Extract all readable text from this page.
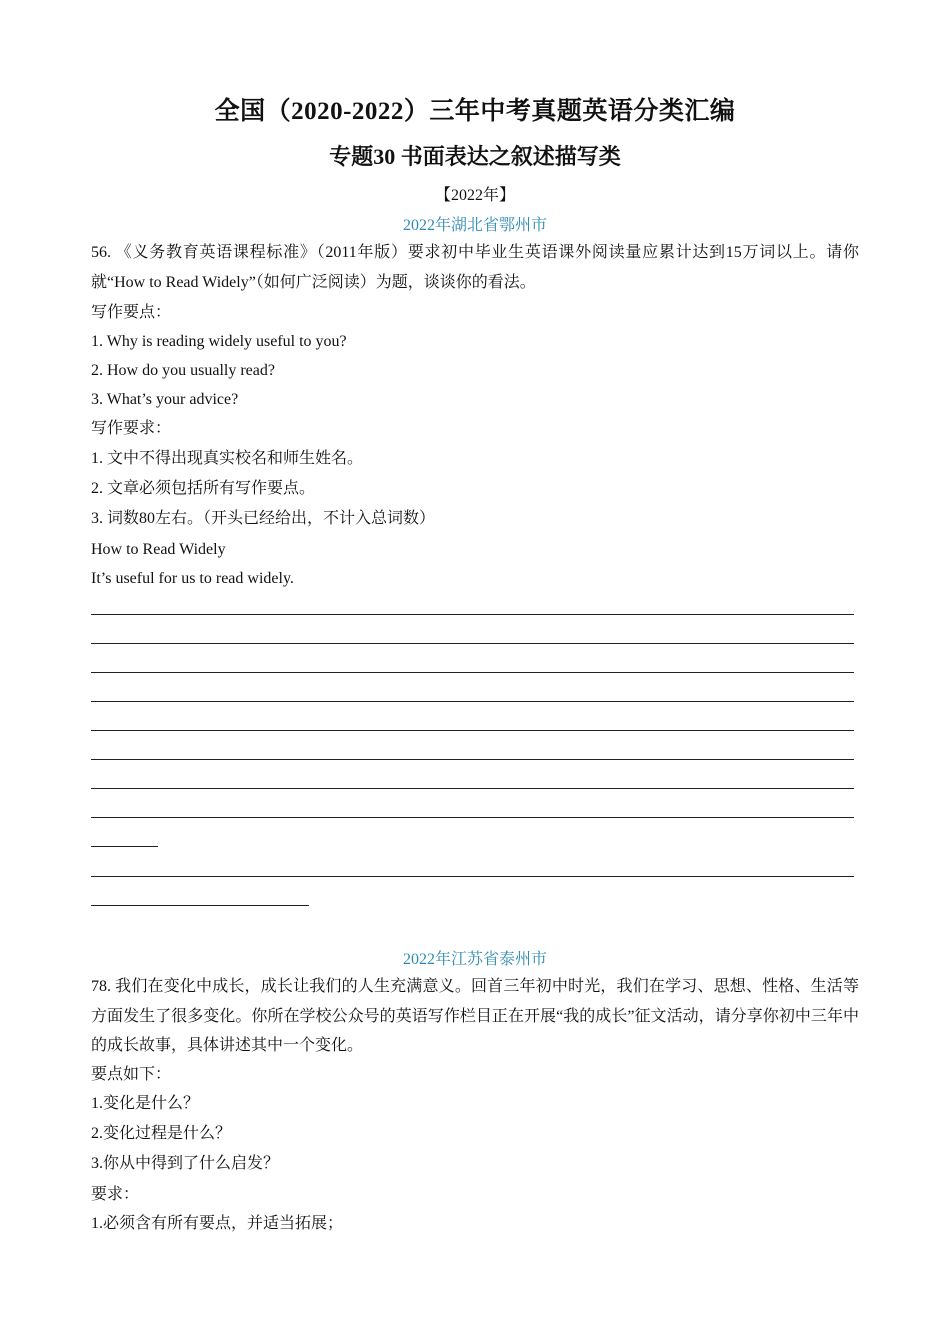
全国（2020-2022）三年中考真题英语分类汇编
专题30 书面表达之叙述描写类
【2022年】
2022年湖北省鄂州市
56. 《义务教育英语课程标准》（2011年版）要求初中毕业生英语课外阅读量应累计达到15万词以上。请你就“How to Read Widely”（如何广泛阅读）为题，谈谈你的看法。
写作要点：
1. Why is reading widely useful to you?
2. How do you usually read?
3. What’s your advice?
写作要求：
1. 文中不得出现真实校名和师生姓名。
2. 文章必须包括所有写作要点。
3. 词数80左右。（开头已经给出，不计入总词数）
How to Read Widely
It’s useful for us to read widely.
2022年江苏省泰州市
78. 我们在变化中成长，成长让我们的人生充满意义。回首三年初中时光，我们在学习、思想、性格、生活等方面发生了很多变化。你所在学校公众号的英语写作栏目正在开展“我的成长”征文活动，请分享你初中三年中的成长故事，具体讲述其中一个变化。
要点如下：
1.变化是什么？
2.变化过程是什么？
3.你从中得到了什么启发？
要求：
1.必须含有所有要点，并适当拓展；
